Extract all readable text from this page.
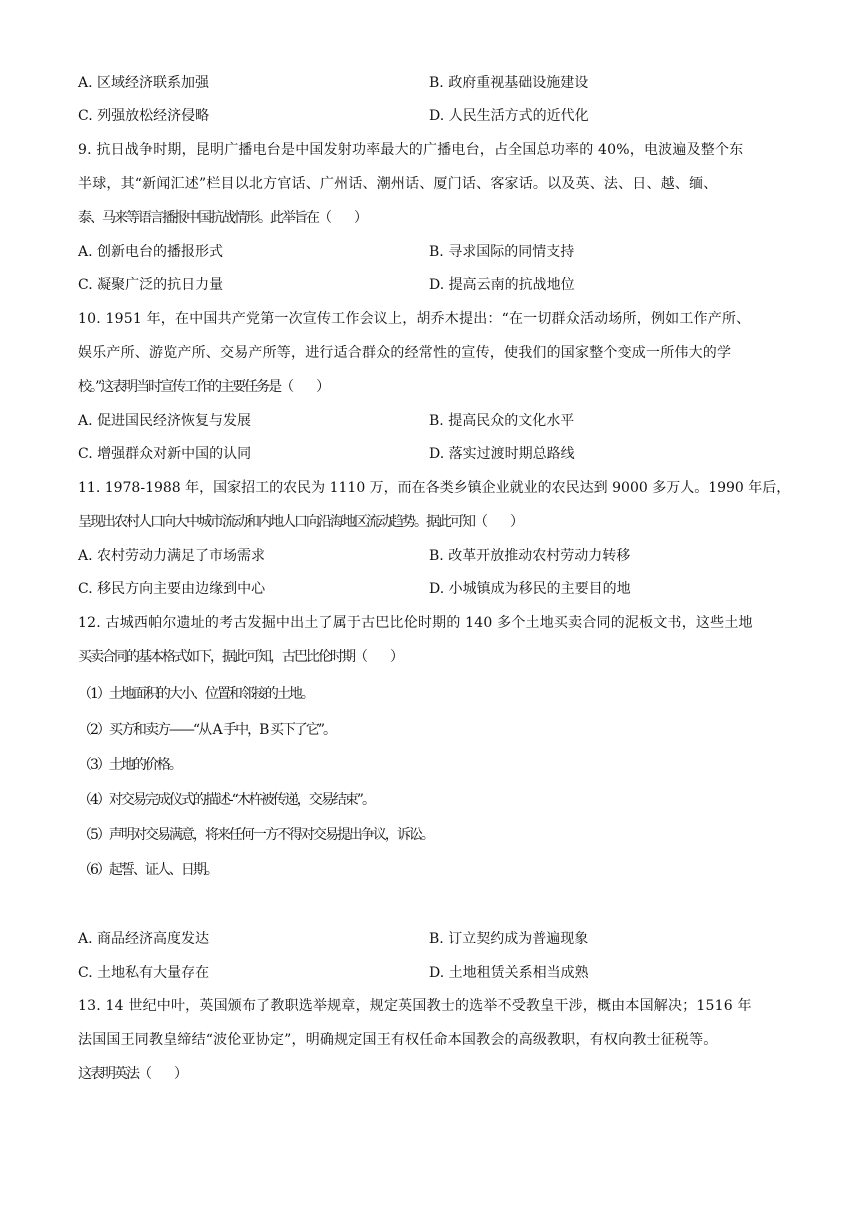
A. 区域经济联系加强	B. 政府重视基础设施建设
C. 列强放松经济侵略	D. 人民生活方式的近代化
9. 抗日战争时期，昆明广播电台是中国发射功率最大的广播电台，占全国总功率的 40%，电波遍及整个东
半球，其“新闻汇述”栏目以北方官话、广州话、潮州话、厦门话、客家话。以及英、法、日、越、缅、
泰、马来等语言播报中国抗战情形。此举旨在（　　）
A. 创新电台的播报形式	B. 寻求国际的同情支持
C. 凝聚广泛的抗日力量	D. 提高云南的抗战地位
10. 1951 年，在中国共产党第一次宣传工作会议上，胡乔木提出：“在一切群众活动场所，例如工作产所、
娱乐产所、游览产所、交易产所等，进行适合群众的经常性的宣传，使我们的国家整个变成一所伟大的学
校。”这表明当时宣传工作的主要任务是（　　）
A. 促进国民经济恢复与发展	B. 提高民众的文化水平
C. 增强群众对新中国的认同	D. 落实过渡时期总路线
11. 1978-1988 年，国家招工的农民为 1110 万，而在各类乡镇企业就业的农民达到 9000 多万人。1990 年后，
呈现出农村人口向大中城市流动和内地人口向沿海地区流动趋势。据此可知（　　）
A. 农村劳动力满足了市场需求	B. 改革开放推动农村劳动力转移
C. 移民方向主要由边缘到中心	D. 小城镇成为移民的主要目的地
12. 古城西帕尔遗址的考古发掘中出土了属于古巴比伦时期的 140 多个土地买卖合同的泥板文书，这些土地
买卖合同的基本格式如下，据此可知，古巴比伦时期（　　）
（1）土地面积的大小、位置和邻接的土地。
（2）买方和卖方——“从 A 手中，B 买下了它”。
（3）土地的价格。
（4）对交易完成仪式的描述-“木杵被传递，交易结束”。
（5）声明对交易满意，将来任何一方不得对交易提出争议，诉讼。
（6）起誓、证人、日期。
A. 商品经济高度发达	B. 订立契约成为普遍现象
C. 土地私有大量存在	D. 土地租赁关系相当成熟
13. 14 世纪中叶，英国颁布了教职选举规章，规定英国教士的选举不受教皇干涉，概由本国解决；1516 年
法国国王同教皇缔结“波伦亚协定”，明确规定国王有权任命本国教会的高级教职，有权向教士征税等。
这表明英法（　　）
